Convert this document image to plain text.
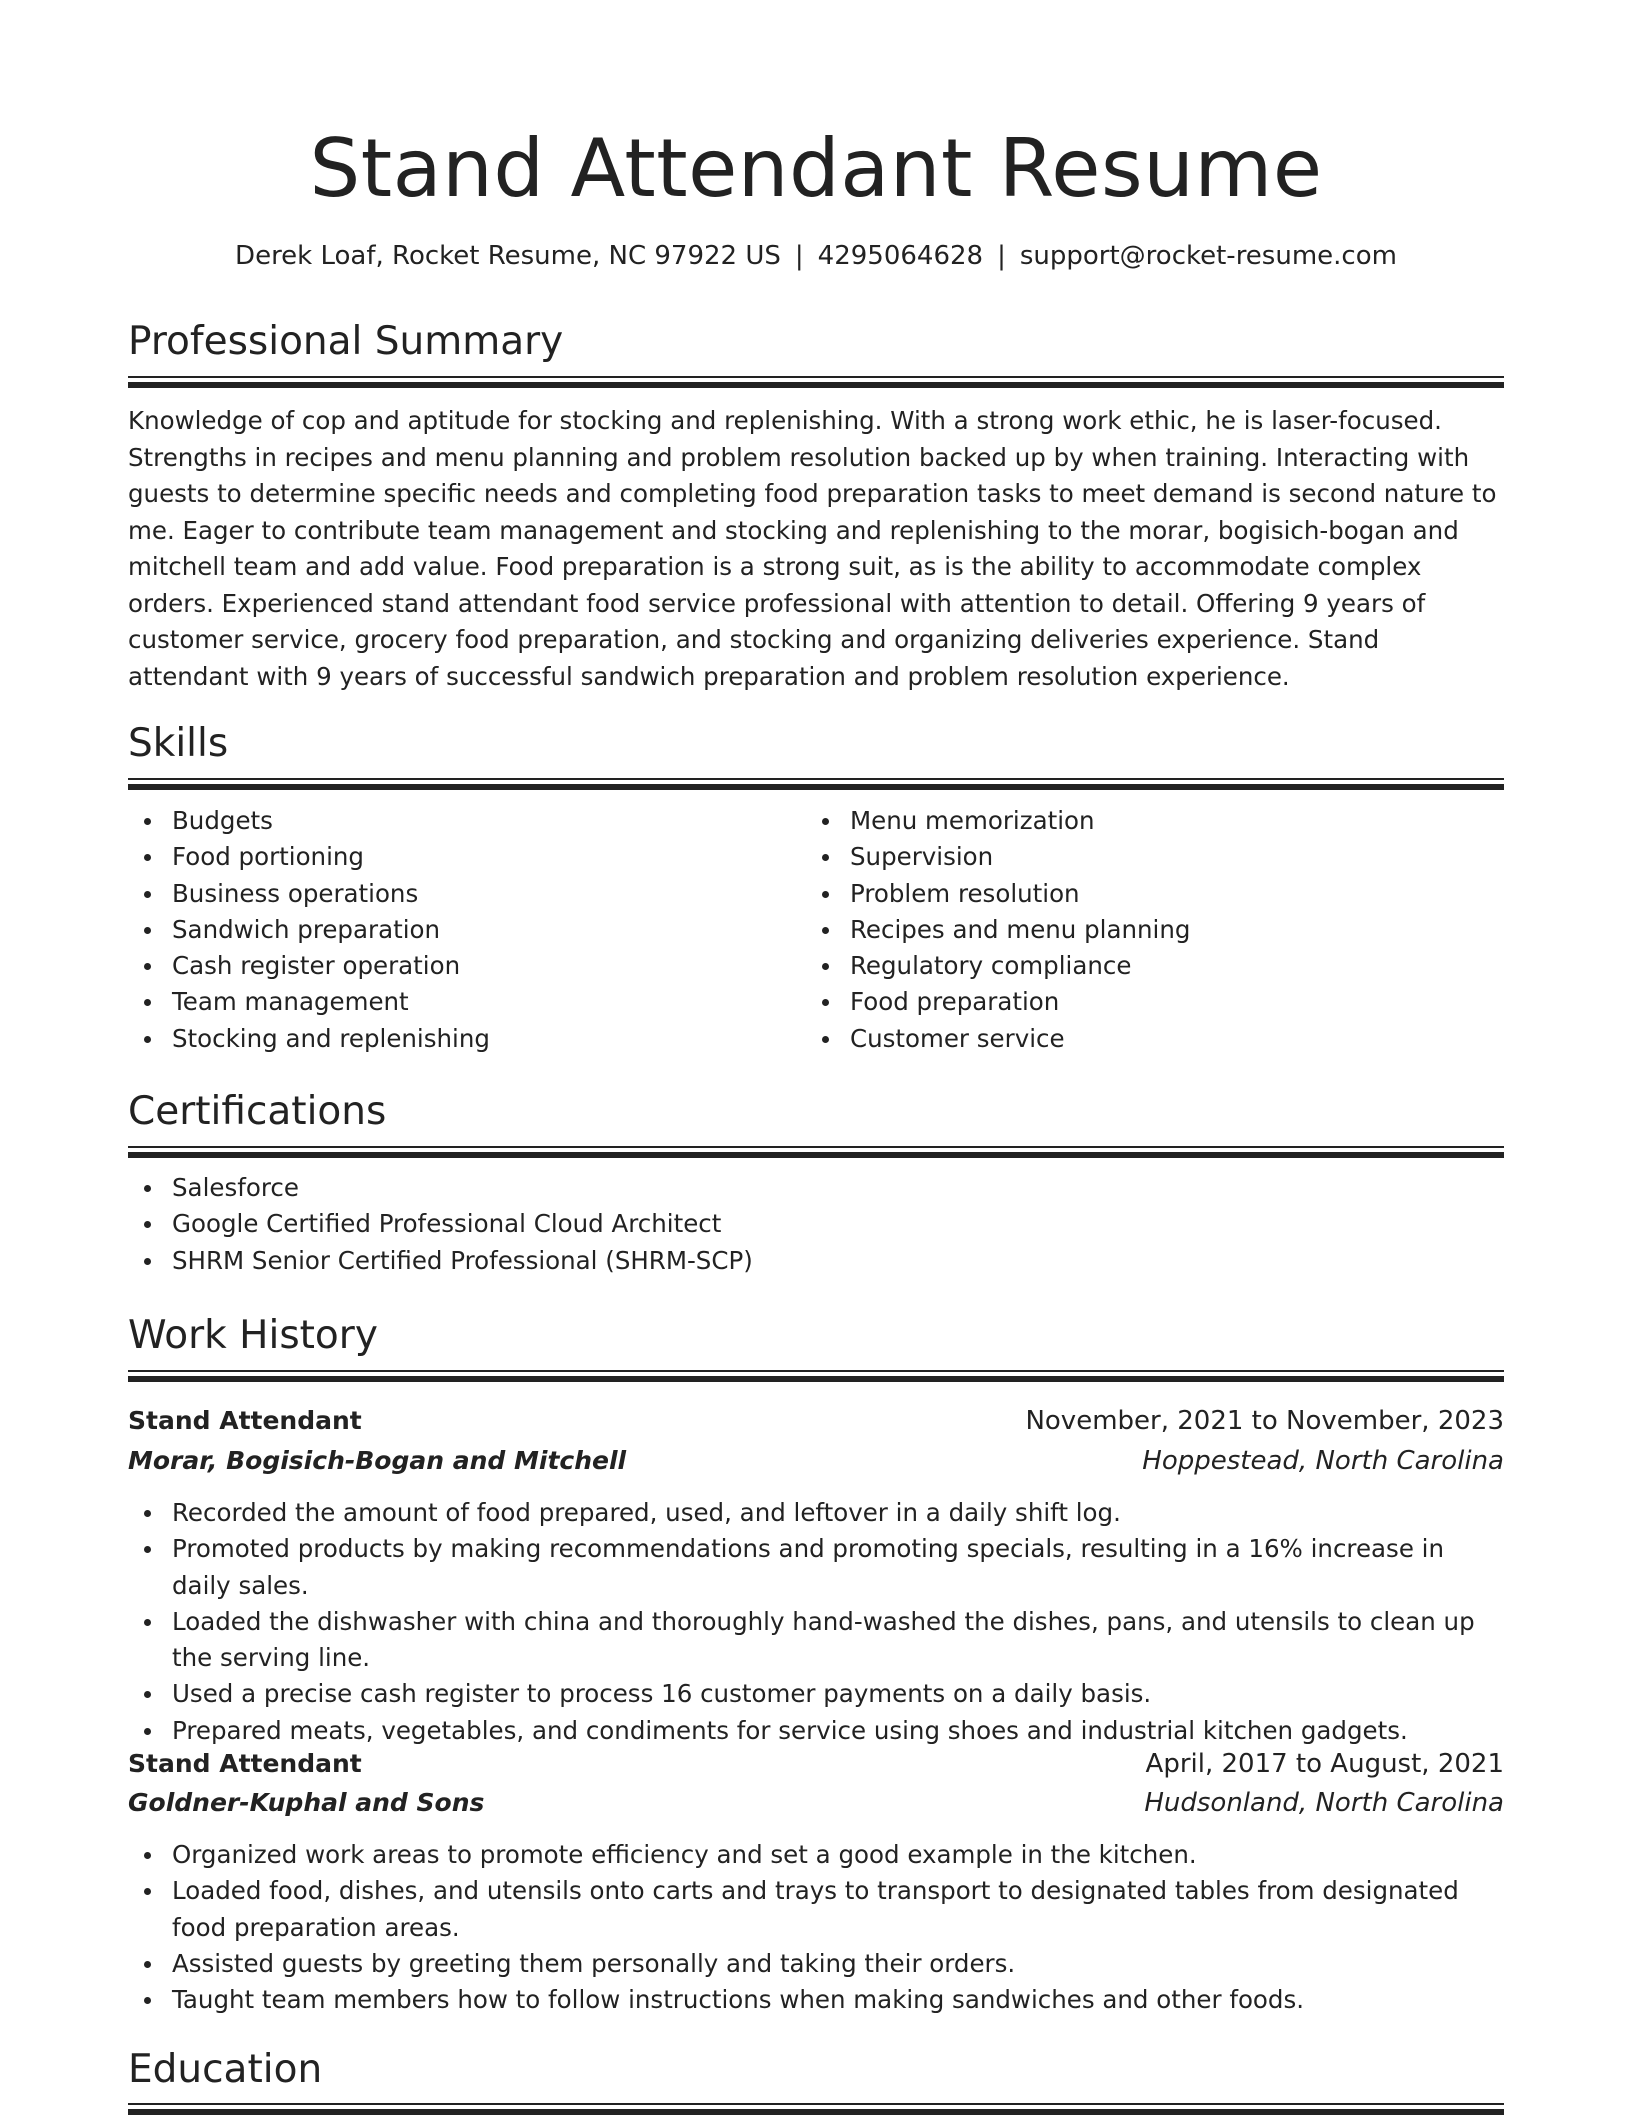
Stand Attendant Resume
Derek Loaf, Rocket Resume, NC 97922 US | 4295064628 | support@rocket-resume.com
Professional Summary

Knowledge of cop and aptitude for stocking and replenishing. With a strong work ethic, he is laser-focused. Strengths in recipes and menu planning and problem resolution backed up by when training. Interacting with guests to determine specific needs and completing food preparation tasks to meet demand is second nature to me. Eager to contribute team management and stocking and replenishing to the morar, bogisich-bogan and mitchell team and add value. Food preparation is a strong suit, as is the ability to accommodate complex orders. Experienced stand attendant food service professional with attention to detail. Offering 9 years of customer service, grocery food preparation, and stocking and organizing deliveries experience. Stand attendant with 9 years of successful sandwich preparation and problem resolution experience.

Skills
Budgets
Food portioning
Business operations
Sandwich preparation
Cash register operation
Team management
Stocking and replenishing
Menu memorization
Supervision
Problem resolution
Recipes and menu planning
Regulatory compliance
Food preparation
Customer service
Certifications
Salesforce
Google Certified Professional Cloud Architect
SHRM Senior Certified Professional (SHRM-SCP)
Work History
Stand Attendant	November, 2021 to November, 2023
Morar, Bogisich-Bogan and Mitchell	Hoppestead, North Carolina
Recorded the amount of food prepared, used, and leftover in a daily shift log.
Promoted products by making recommendations and promoting specials, resulting in a 16% increase in daily sales.
Loaded the dishwasher with china and thoroughly hand-washed the dishes, pans, and utensils to clean up the serving line.
Used a precise cash register to process 16 customer payments on a daily basis.
Prepared meats, vegetables, and condiments for service using shoes and industrial kitchen gadgets.
Stand Attendant	April, 2017 to August, 2021
Goldner-Kuphal and Sons	Hudsonland, North Carolina
Organized work areas to promote efficiency and set a good example in the kitchen.
Loaded food, dishes, and utensils onto carts and trays to transport to designated tables from designated food preparation areas.
Assisted guests by greeting them personally and taking their orders.
Taught team members how to follow instructions when making sandwiches and other foods.
Education
